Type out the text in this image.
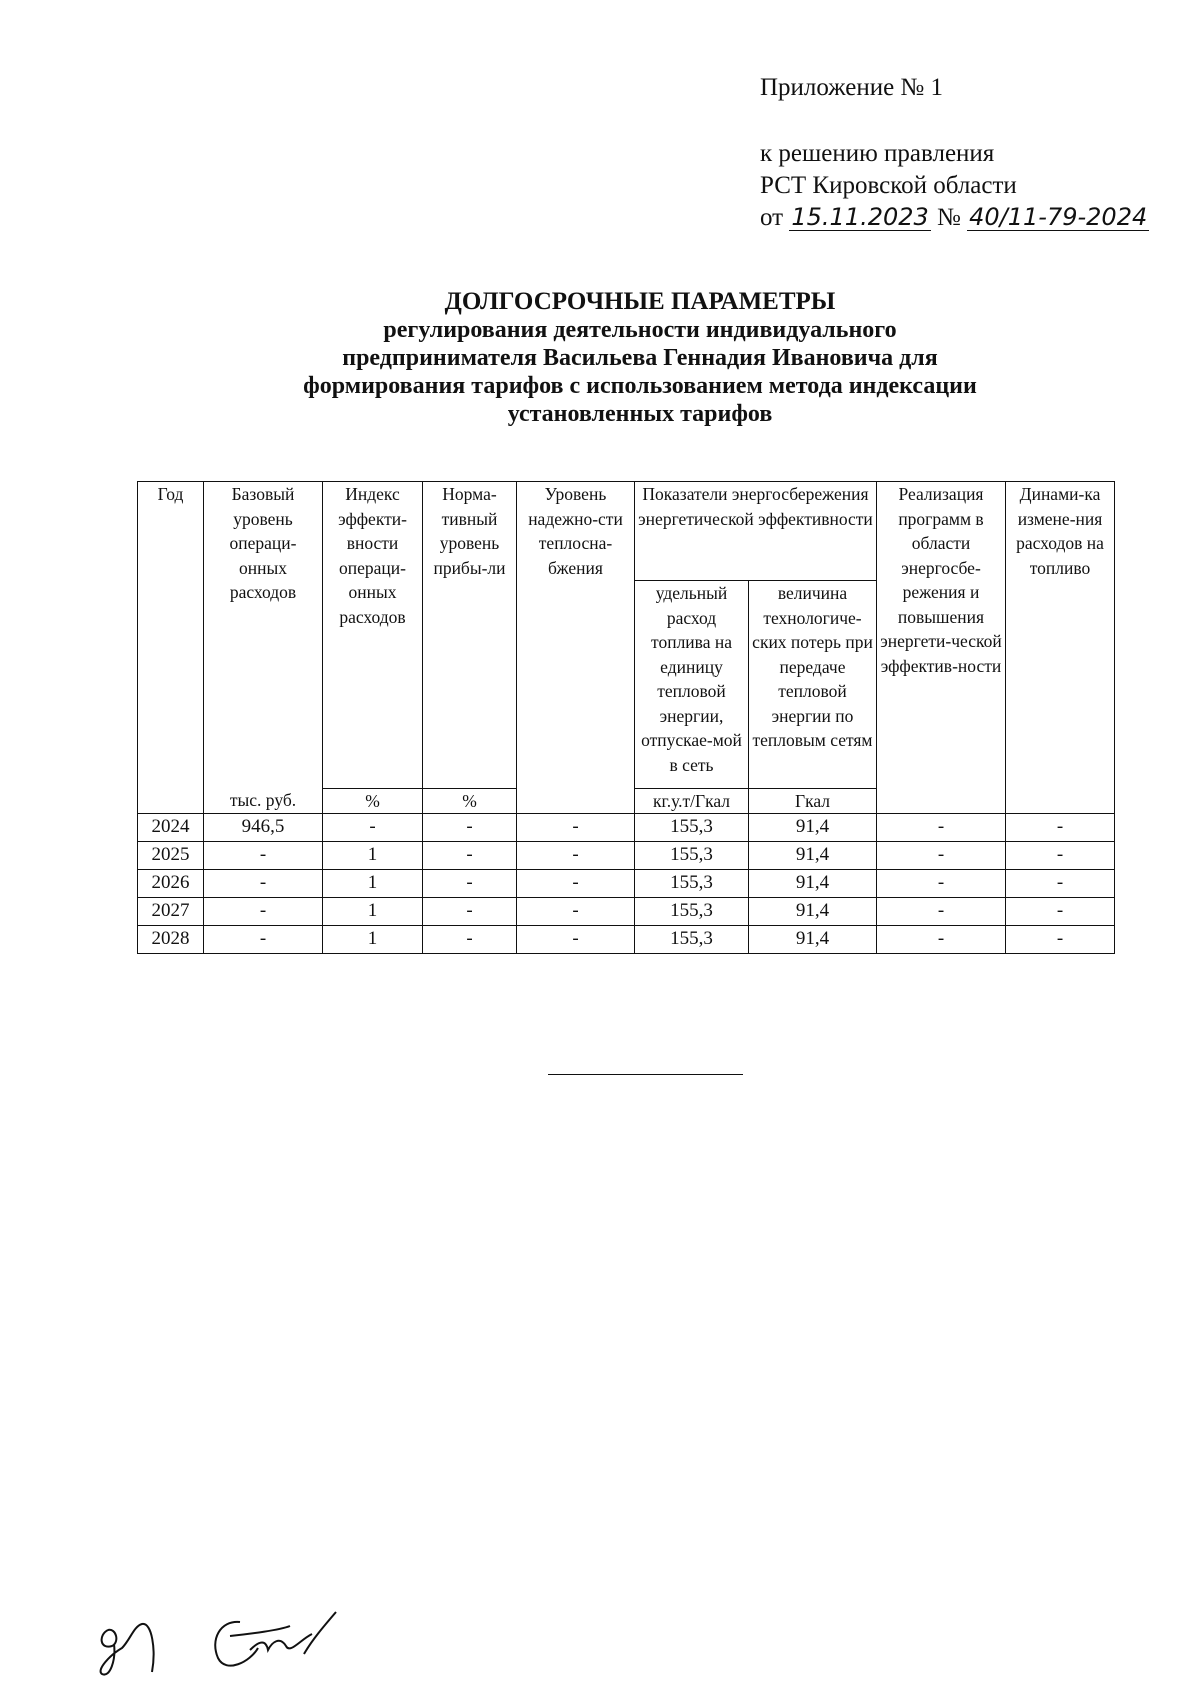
Приложение № 1
к решению правления
РСТ Кировской области
от 15.11.2023 № 40/11-79-2024
ДОЛГОСРОЧНЫЕ ПАРАМЕТРЫ
регулирования деятельности индивидуального
предпринимателя Васильева Геннадия Ивановича для
формирования тарифов с использованием метода индексации
установленных тарифов
Год	Базовый уровень операци-онных расходов	Индекс эффекти-вности операци-онных расходов	Норма-тивный уровень прибы-ли	Уровень надежно-сти теплосна-бжения	Показатели энергосбережения энергетической эффективности		Реализация программ в области энергосбе-режения и повышения энергети-ческой эффектив-ности	Динами-ка измене-ния расходов на топливо
					удельный расход топлива на единицу тепловой энергии, отпускае-мой в сеть	величина технологиче-ских потерь при передаче тепловой энергии по тепловым сетям		
	тыс. руб.	%	%		кг.у.т/Гкал	Гкал		
2024	946,5	-	-	-	155,3	91,4	-	-
2025	-	1	-	-	155,3	91,4	-	-
2026	-	1	-	-	155,3	91,4	-	-
2027	-	1	-	-	155,3	91,4	-	-
2028	-	1	-	-	155,3	91,4	-	-
